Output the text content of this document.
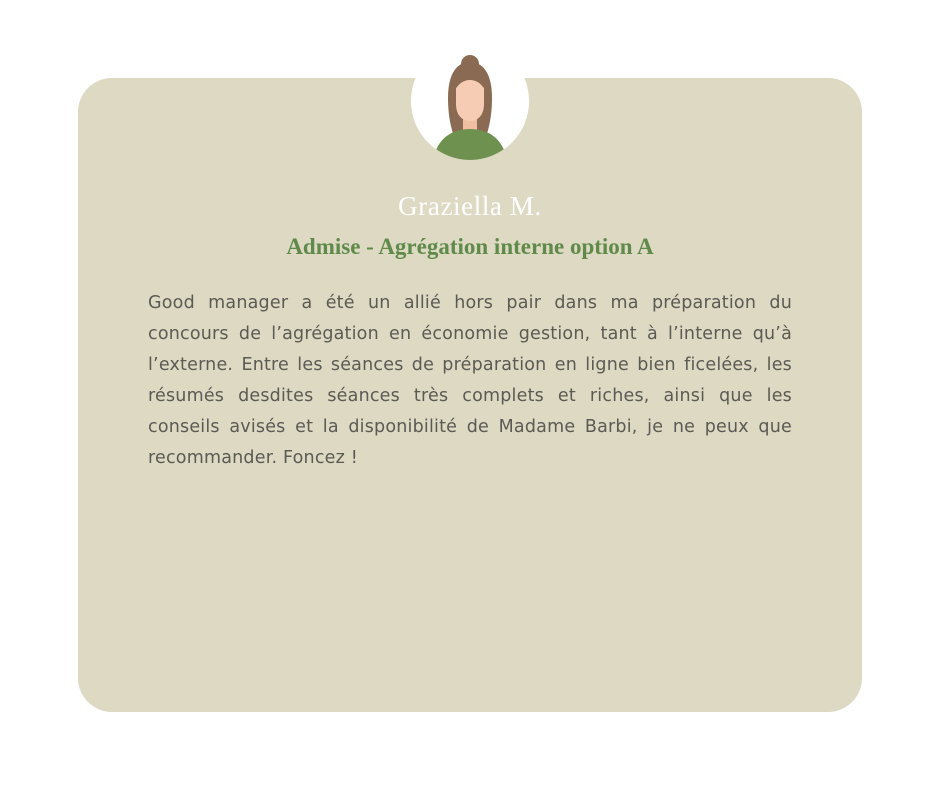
Graziella M.
Admise - Agrégation interne option A
Good manager a été un allié hors pair dans ma préparation du concours de l’agrégation en économie gestion, tant à l’interne qu’à l’externe. Entre les séances de préparation en ligne bien ficelées, les résumés desdites séances très complets et riches, ainsi que les conseils avisés et la disponibilité de Madame Barbi, je ne peux que recommander. Foncez !
